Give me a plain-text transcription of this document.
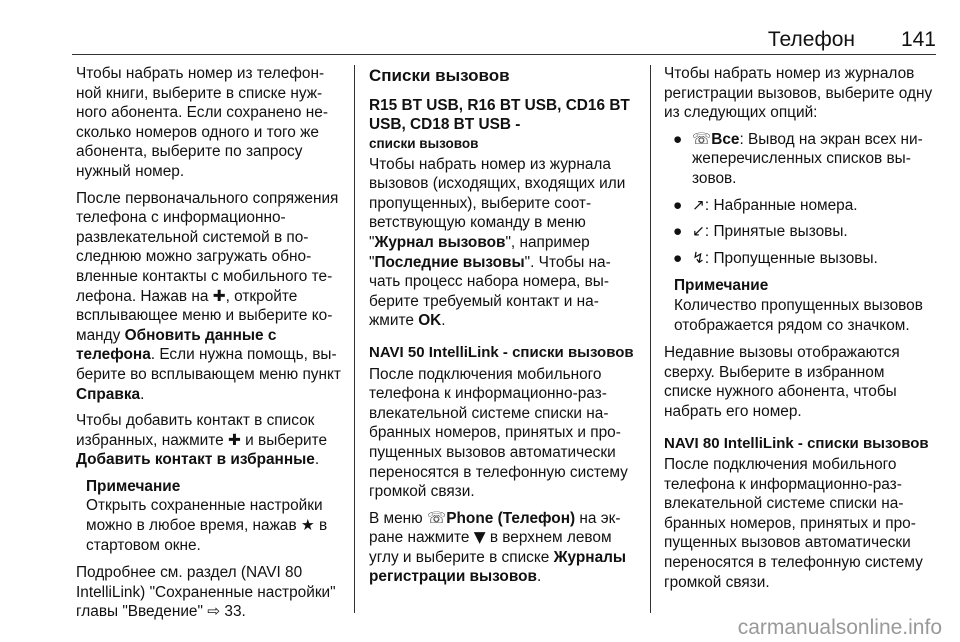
Телефон 141

Чтобы набрать номер из телефонной книги, выберите в списке нужного абонента. Если сохранено несколько номеров одного и того же абонента, выберите по запросу нужный номер.

После первоначального сопряжения телефона с информационно-развлекательной системой в последнюю можно загружать обновленные контакты с мобильного телефона. Нажав на ✚, откройте всплывающее меню и выберите команду Обновить данные с телефона. Если нужна помощь, выберите во всплывающем меню пункт Справка.

Чтобы добавить контакт в список избранных, нажмите ✚ и выберите Добавить контакт в избранные.

Примечание
Открыть сохраненные настройки можно в любое время, нажав ★ в стартовом окне.

Подробнее см. раздел (NAVI 80 IntelliLink) "Сохраненные настройки" главы "Введение" ⇨ 33.

Списки вызовов
R15 BT USB, R16 BT USB, CD16 BT USB, CD18 BT USB -
списки вызовов

Чтобы набрать номер из журнала вызовов (исходящих, входящих или пропущенных), выберите соответствующую команду в меню "Журнал вызовов", например "Последние вызовы". Чтобы начать процесс набора номера, выберите требуемый контакт и нажмите OK.

NAVI 50 IntelliLink - списки вызовов

После подключения мобильного телефона к информационно-развлекательной системе списки набранных номеров, принятых и пропущенных вызовов автоматически переносятся в телефонную систему громкой связи.

В меню ☏Phone (Телефон) на экране нажмите ▼ в верхнем левом углу и выберите в списке Журналы регистрации вызовов.

Чтобы набрать номер из журналов регистрации вызовов, выберите одну из следующих опций:

● ☏Все: Вывод на экран всех нижеперечисленных списков вызовов.
● ↗: Набранные номера.
● ↙: Принятые вызовы.
● ↯: Пропущенные вызовы.
Примечание
Количество пропущенных вызовов отображается рядом со значком.

Недавние вызовы отображаются сверху. Выберите в избранном списке нужного абонента, чтобы набрать его номер.

NAVI 80 IntelliLink - списки вызовов

После подключения мобильного телефона к информационно-развлекательной системе списки набранных номеров, принятых и пропущенных вызовов автоматически переносятся в телефонную систему громкой связи.

carmanualsonline.info
